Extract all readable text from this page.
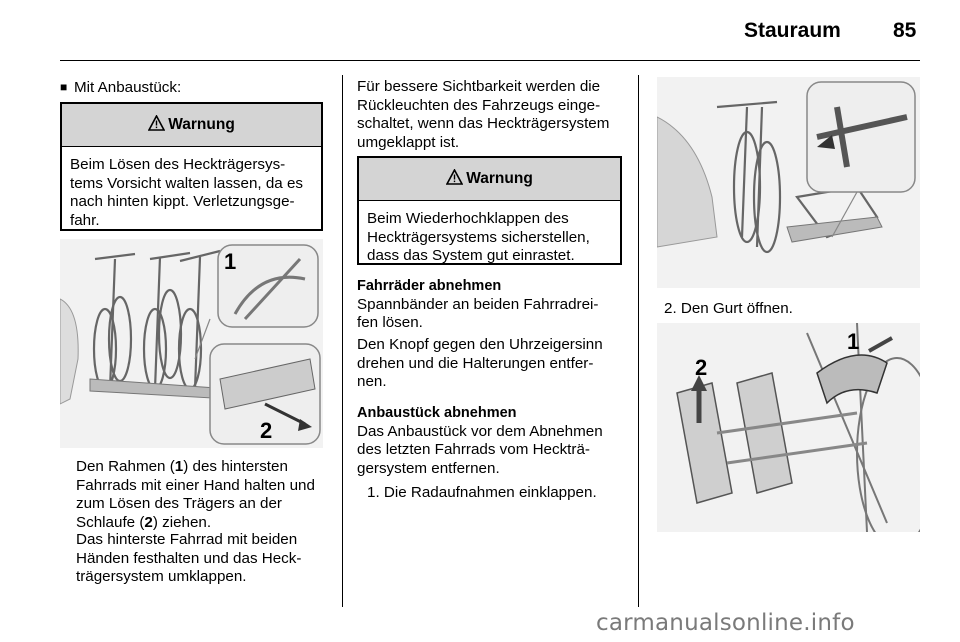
Stauraum 85

■ Mit Anbaustück:

Warnung
Beim Lösen des Heckträgersys-
tems Vorsicht walten lassen, da es
nach hinten kippt. Verletzungsge-
fahr.
1
2

Den Rahmen (1) des hintersten Fahrrads mit einer Hand halten und zum Lösen des Trägers an der Schlaufe (2) ziehen.

Das hinterste Fahrrad mit beiden
Händen festhalten und das Heck-
trägersystem umklappen.

Für bessere Sichtbarkeit werden die
Rückleuchten des Fahrzeugs einge-
schaltet, wenn das Heckträgersystem
umgeklappt ist.

Warnung
Beim Wiederhochklappen des
Heckträgersystems sicherstellen,
dass das System gut einrastet.

Fahrräder abnehmen
Spannbänder an beiden Fahrradrei-
fen lösen.

Den Knopf gegen den Uhrzeigersinn
drehen und die Halterungen entfer-
nen.

Anbaustück abnehmen
Das Anbaustück vor dem Abnehmen
des letzten Fahrrads vom Heckträ-
gersystem entfernen.

1. Die Radaufnahmen einklappen.

2. Den Gurt öffnen.

1
2
carmanualsonline.info
